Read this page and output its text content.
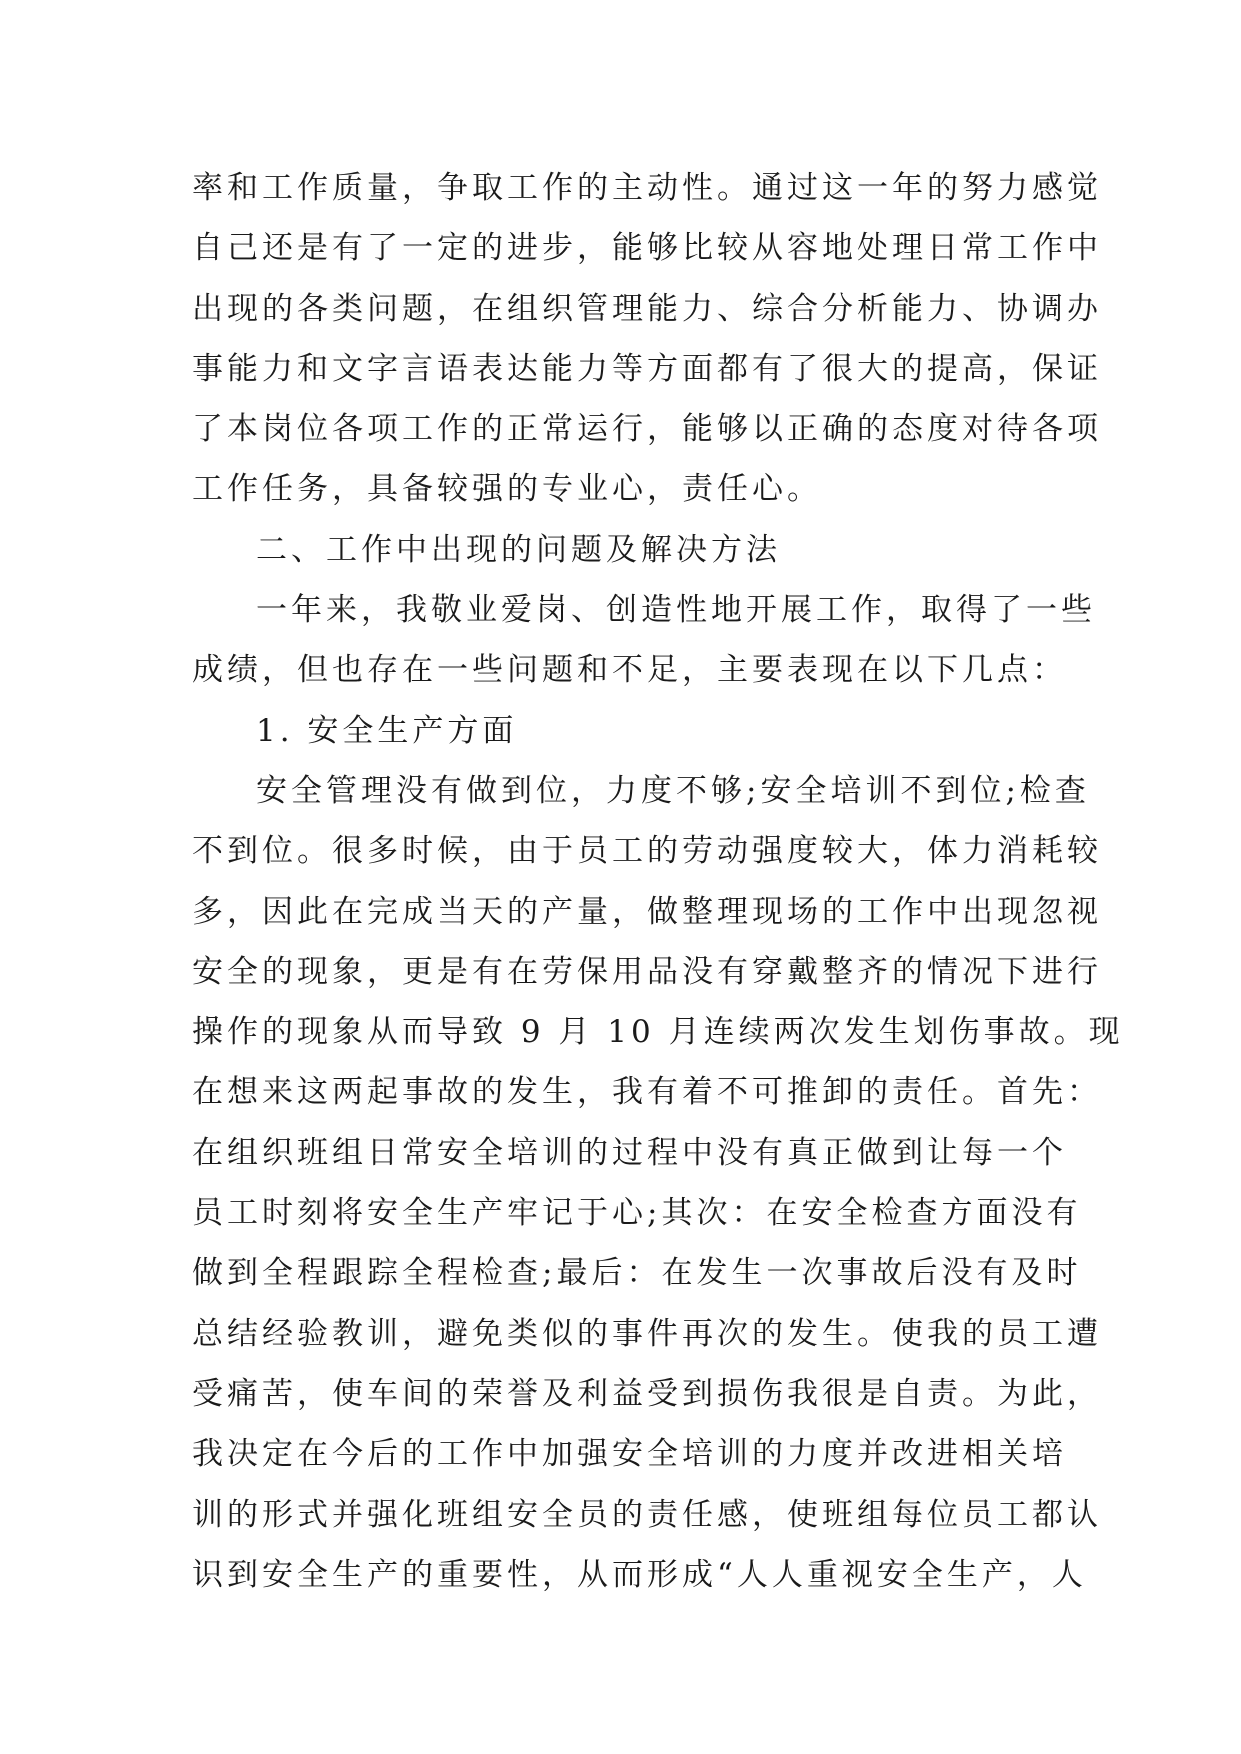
率和工作质量，争取工作的主动性。通过这一年的努力感觉
自己还是有了一定的进步，能够比较从容地处理日常工作中
出现的各类问题，在组织管理能力、综合分析能力、协调办
事能力和文字言语表达能力等方面都有了很大的提高，保证
了本岗位各项工作的正常运行，能够以正确的态度对待各项
工作任务，具备较强的专业心，责任心。
二、工作中出现的问题及解决方法
一年来，我敬业爱岗、创造性地开展工作，取得了一些
成绩，但也存在一些问题和不足，主要表现在以下几点：
1. 安全生产方面
安全管理没有做到位，力度不够;安全培训不到位;检查
不到位。很多时候，由于员工的劳动强度较大，体力消耗较
多，因此在完成当天的产量，做整理现场的工作中出现忽视
安全的现象，更是有在劳保用品没有穿戴整齐的情况下进行
操作的现象从而导致 9 月 10 月连续两次发生划伤事故。现
在想来这两起事故的发生，我有着不可推卸的责任。首先：
在组织班组日常安全培训的过程中没有真正做到让每一个
员工时刻将安全生产牢记于心;其次：在安全检查方面没有
做到全程跟踪全程检查;最后：在发生一次事故后没有及时
总结经验教训，避免类似的事件再次的发生。使我的员工遭
受痛苦，使车间的荣誉及利益受到损伤我很是自责。为此，
我决定在今后的工作中加强安全培训的力度并改进相关培
训的形式并强化班组安全员的责任感，使班组每位员工都认
识到安全生产的重要性，从而形成“人人重视安全生产，人
